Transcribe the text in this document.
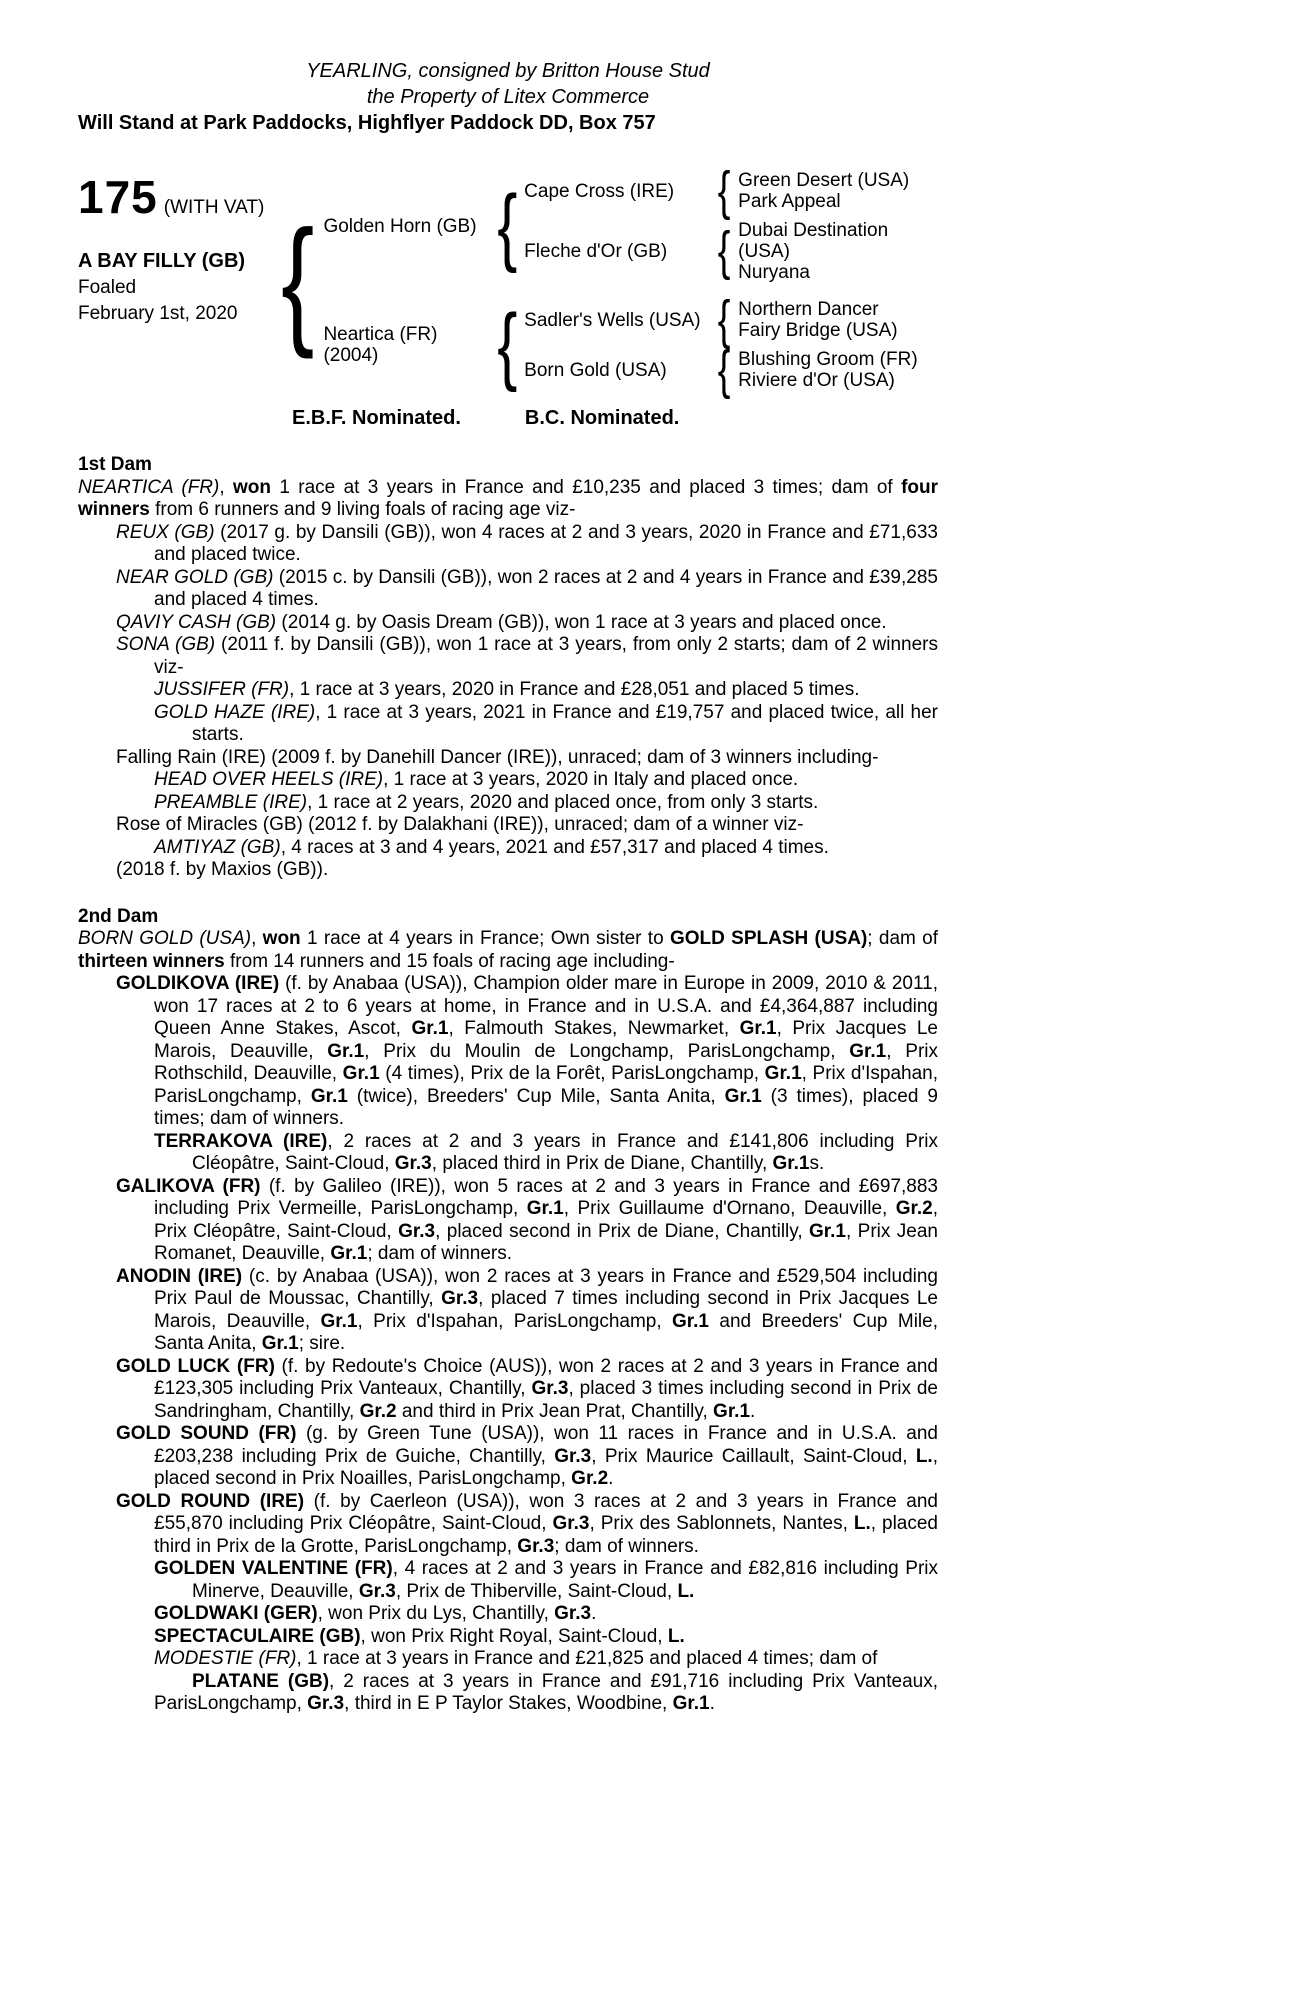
YEARLING, consigned by Britton House Stud
the Property of Litex Commerce
Will Stand at Park Paddocks, Highflyer Paddock DD, Box 757
175 (WITH VAT)
A BAY FILLY (GB)
Foaled
February 1st, 2020 { Golden Horn (GB) { Cape Cross (IRE) { Green Desert (USA)
Park Appeal
Fleche d'Or (GB) { Dubai Destination (USA)
Nuryana
Neartica (FR)
(2004)	{ Sadler's Wells (USA) { Northern Dancer
Fairy Bridge (USA)
Born Gold (USA) { Blushing Groom (FR)
Riviere d'Or (USA)
E.B.F. Nominated.	B.C. Nominated.
1st Dam
NEARTICA (FR), won 1 race at 3 years in France and £10,235 and placed 3 times; dam of four winners from 6 runners and 9 living foals of racing age viz-
REUX (GB) (2017 g. by Dansili (GB)), won 4 races at 2 and 3 years, 2020 in France and £71,633 and placed twice.
NEAR GOLD (GB) (2015 c. by Dansili (GB)), won 2 races at 2 and 4 years in France and £39,285 and placed 4 times.
QAVIY CASH (GB) (2014 g. by Oasis Dream (GB)), won 1 race at 3 years and placed once.
SONA (GB) (2011 f. by Dansili (GB)), won 1 race at 3 years, from only 2 starts; dam of 2 winners viz-
JUSSIFER (FR), 1 race at 3 years, 2020 in France and £28,051 and placed 5 times.
GOLD HAZE (IRE), 1 race at 3 years, 2021 in France and £19,757 and placed twice, all her starts.
Falling Rain (IRE) (2009 f. by Danehill Dancer (IRE)), unraced; dam of 3 winners including-
HEAD OVER HEELS (IRE), 1 race at 3 years, 2020 in Italy and placed once.
PREAMBLE (IRE), 1 race at 2 years, 2020 and placed once, from only 3 starts.
Rose of Miracles (GB) (2012 f. by Dalakhani (IRE)), unraced; dam of a winner viz-
AMTIYAZ (GB), 4 races at 3 and 4 years, 2021 and £57,317 and placed 4 times.
(2018 f. by Maxios (GB)).
2nd Dam
BORN GOLD (USA), won 1 race at 4 years in France; Own sister to GOLD SPLASH (USA); dam of thirteen winners from 14 runners and 15 foals of racing age including-
GOLDIKOVA (IRE) (f. by Anabaa (USA)), Champion older mare in Europe in 2009, 2010 & 2011, won 17 races at 2 to 6 years at home, in France and in U.S.A. and £4,364,887 including Queen Anne Stakes, Ascot, Gr.1, Falmouth Stakes, Newmarket, Gr.1, Prix Jacques Le Marois, Deauville, Gr.1, Prix du Moulin de Longchamp, ParisLongchamp, Gr.1, Prix Rothschild, Deauville, Gr.1 (4 times), Prix de la Forêt, ParisLongchamp, Gr.1, Prix d'Ispahan, ParisLongchamp, Gr.1 (twice), Breeders' Cup Mile, Santa Anita, Gr.1 (3 times), placed 9 times; dam of winners.
TERRAKOVA (IRE), 2 races at 2 and 3 years in France and £141,806 including Prix Cléopâtre, Saint-Cloud, Gr.3, placed third in Prix de Diane, Chantilly, Gr.1s.
GALIKOVA (FR) (f. by Galileo (IRE)), won 5 races at 2 and 3 years in France and £697,883 including Prix Vermeille, ParisLongchamp, Gr.1, Prix Guillaume d'Ornano, Deauville, Gr.2, Prix Cléopâtre, Saint-Cloud, Gr.3, placed second in Prix de Diane, Chantilly, Gr.1, Prix Jean Romanet, Deauville, Gr.1; dam of winners.
ANODIN (IRE) (c. by Anabaa (USA)), won 2 races at 3 years in France and £529,504 including Prix Paul de Moussac, Chantilly, Gr.3, placed 7 times including second in Prix Jacques Le Marois, Deauville, Gr.1, Prix d'Ispahan, ParisLongchamp, Gr.1 and Breeders' Cup Mile, Santa Anita, Gr.1; sire.
GOLD LUCK (FR) (f. by Redoute's Choice (AUS)), won 2 races at 2 and 3 years in France and £123,305 including Prix Vanteaux, Chantilly, Gr.3, placed 3 times including second in Prix de Sandringham, Chantilly, Gr.2 and third in Prix Jean Prat, Chantilly, Gr.1.
GOLD SOUND (FR) (g. by Green Tune (USA)), won 11 races in France and in U.S.A. and £203,238 including Prix de Guiche, Chantilly, Gr.3, Prix Maurice Caillault, Saint-Cloud, L., placed second in Prix Noailles, ParisLongchamp, Gr.2.
GOLD ROUND (IRE) (f. by Caerleon (USA)), won 3 races at 2 and 3 years in France and £55,870 including Prix Cléopâtre, Saint-Cloud, Gr.3, Prix des Sablonnets, Nantes, L., placed third in Prix de la Grotte, ParisLongchamp, Gr.3; dam of winners.
GOLDEN VALENTINE (FR), 4 races at 2 and 3 years in France and £82,816 including Prix Minerve, Deauville, Gr.3, Prix de Thiberville, Saint-Cloud, L.
GOLDWAKI (GER), won Prix du Lys, Chantilly, Gr.3.
SPECTACULAIRE (GB), won Prix Right Royal, Saint-Cloud, L.
MODESTIE (FR), 1 race at 3 years in France and £21,825 and placed 4 times; dam of
PLATANE (GB), 2 races at 3 years in France and £91,716 including Prix Vanteaux, ParisLongchamp, Gr.3, third in E P Taylor Stakes, Woodbine, Gr.1.
